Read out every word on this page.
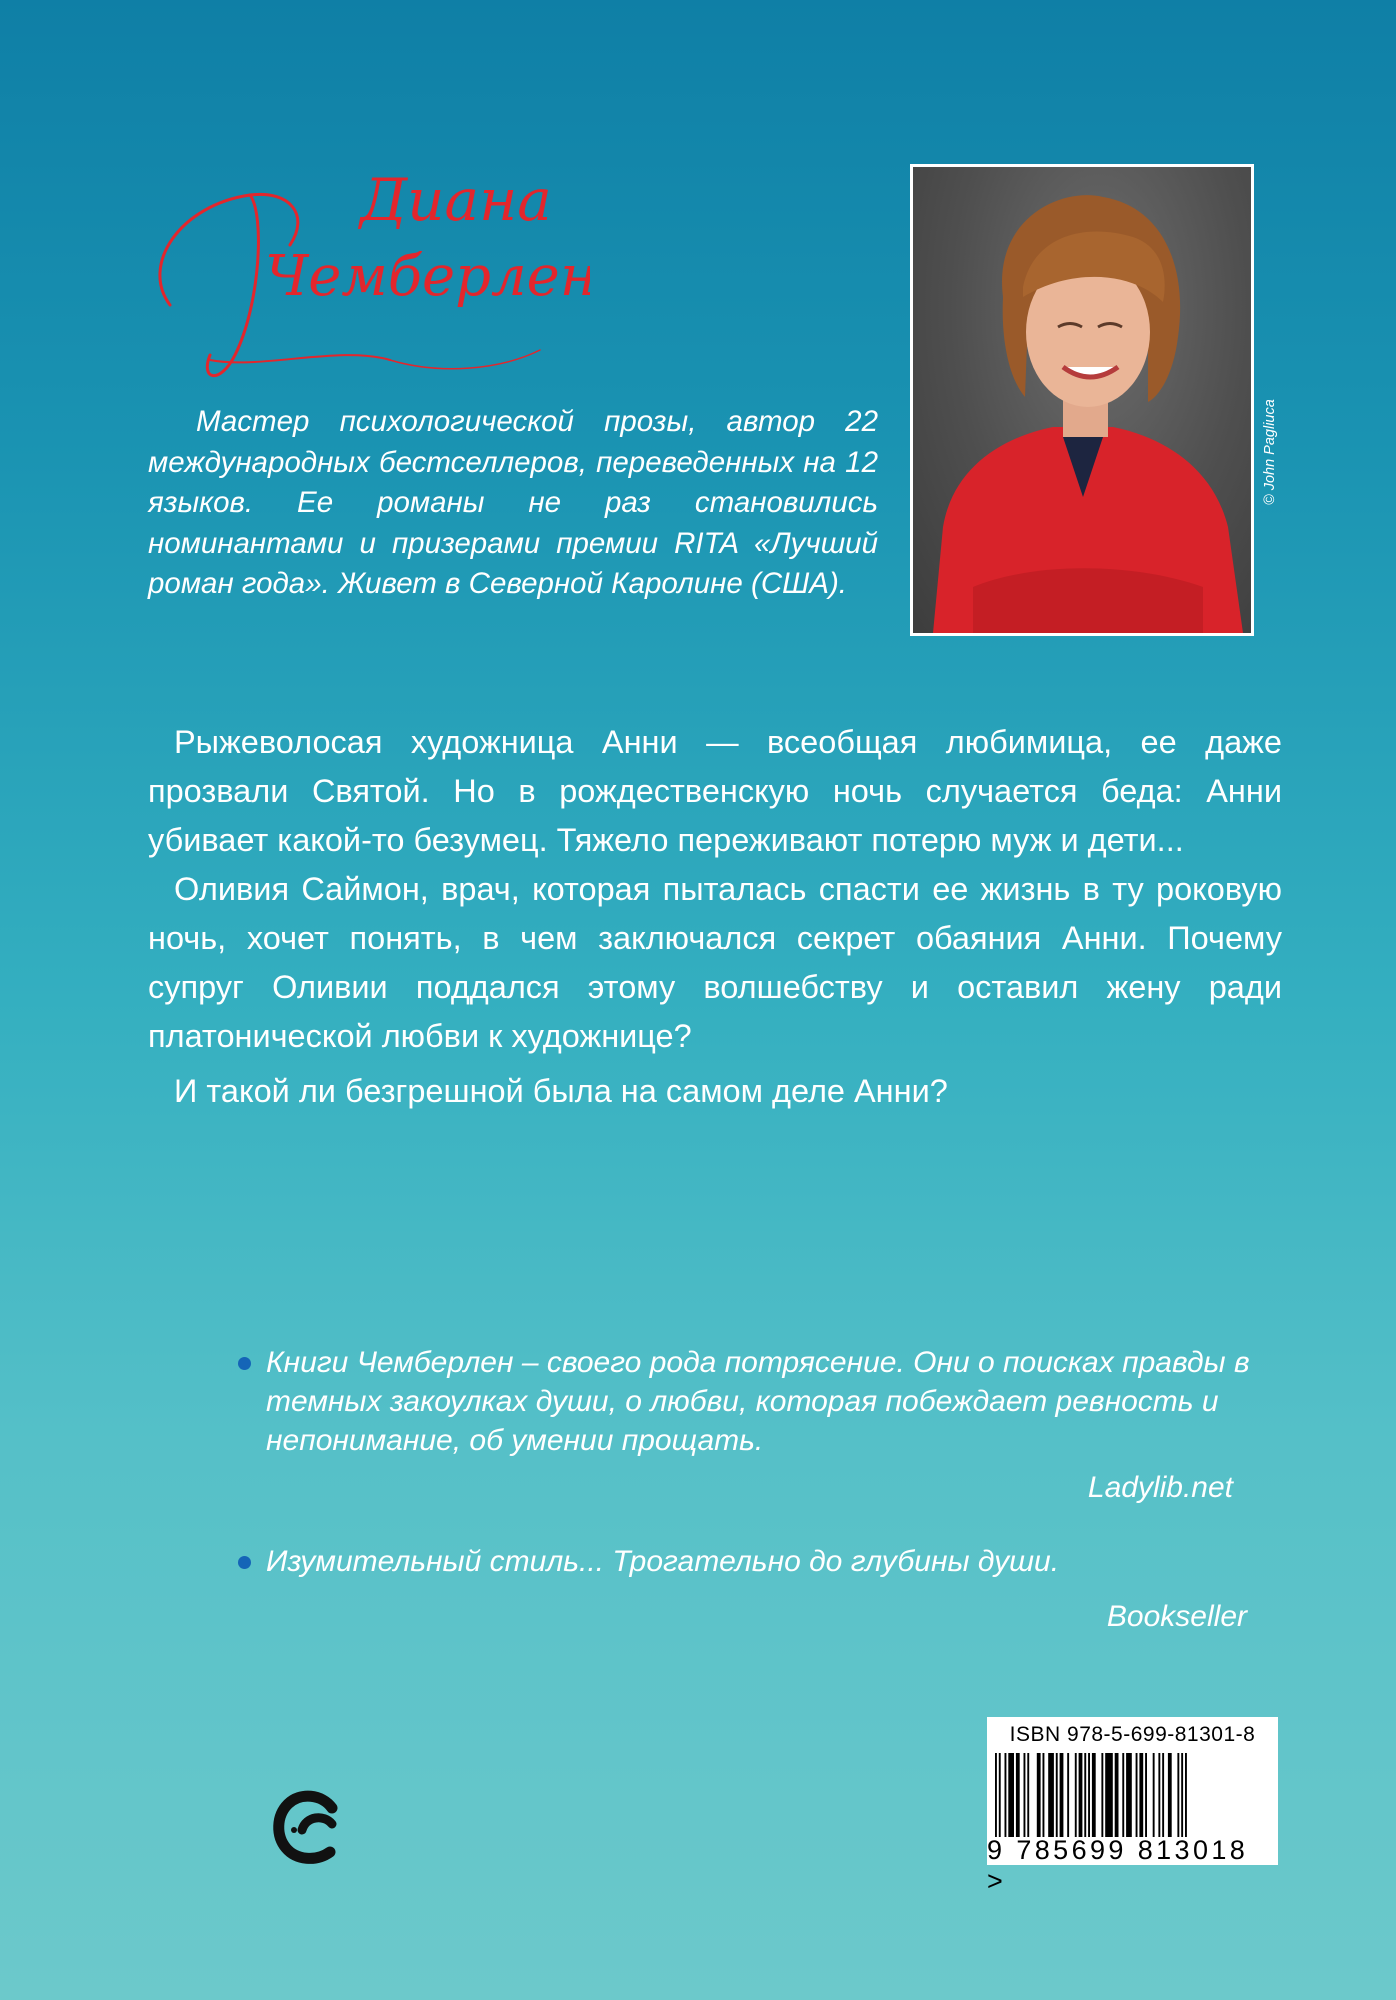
Диана
Чемберлен

Мастер психологической прозы, автор 22 международных бестселлеров, переведенных на 12 языков. Ее романы не раз становились номинантами и призерами премии RITA «Лучший роман года». Живет в Северной Каролине (США).

© John Pagliuca

Рыжеволосая художница Анни — всеобщая любимица, ее даже прозвали Святой. Но в рождественскую ночь случается беда: Анни убивает какой-то безумец. Тяжело переживают потерю муж и дети...

Оливия Саймон, врач, которая пыталась спасти ее жизнь в ту роковую ночь, хочет понять, в чем заключался секрет обаяния Анни. Почему супруг Оливии поддался этому волшебству и оставил жену ради платонической любви к художнице?

И такой ли безгрешной была на самом деле Анни?

Книги Чемберлен – своего рода потрясение. Они о поисках правды в темных закоулках души, о любви, которая побеждает ревность и непонимание, об умении прощать.

Ladylib.net

Изумительный стиль... Трогательно до глубины души.

Bookseller
ISBN 978-5-699-81301-8
9 785699 813018 >
